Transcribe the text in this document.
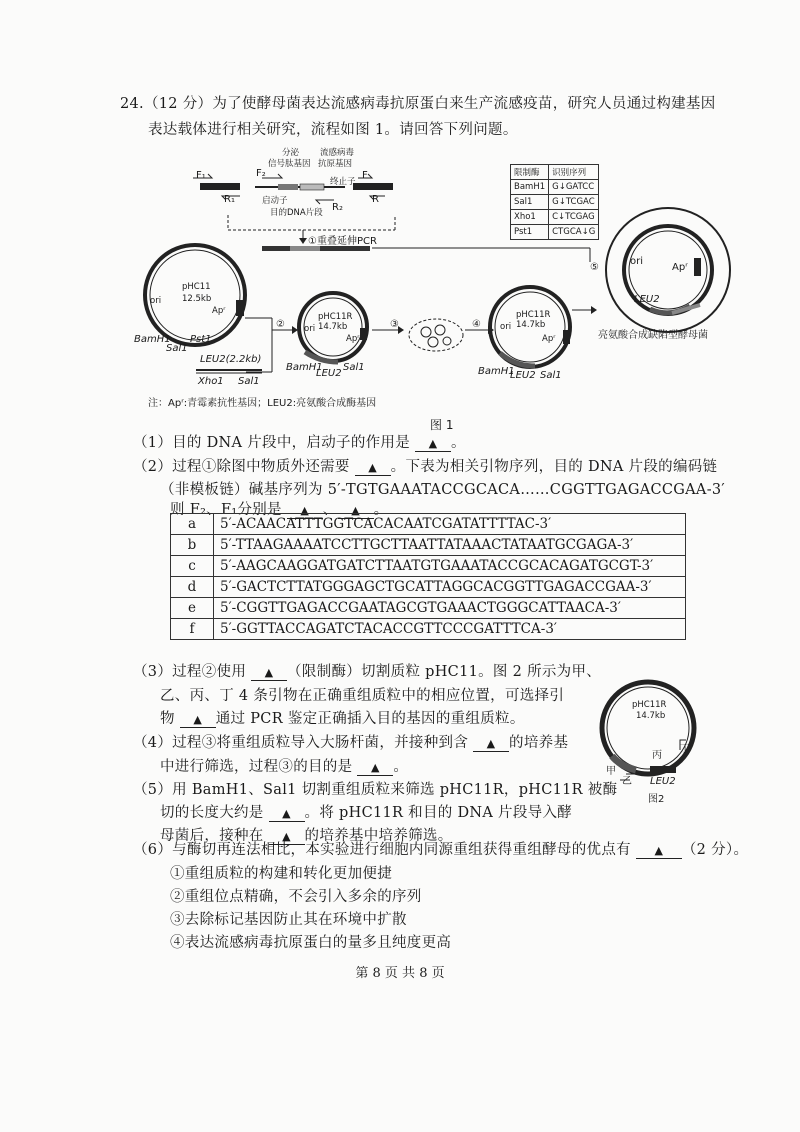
24.（12 分）为了使酵母菌表达流感病毒抗原蛋白来生产流感疫苗，研究人员通过构建基因
表达载体进行相关研究，流程如图 1。请回答下列问题。
F₁
R₁
F₂
R₂
F
R
分泌
信号肽基因
流感病毒
抗原基因
终止子
启动子
目的DNA片段
①重叠延伸PCR
限制酶	识别序列
BamH1	G↓GATCC
Sal1	G↓TCGAC
Xho1	C↓TCGAG
Pst1	CTGCA↓G
⑤
ori
Apʳ
LEU2
亮氨酸合成缺陷型酵母菌
pHC11
12.5kb
ori
Apʳ
BamH1
Sal1
Pst1
LEU2(2.2kb)
Xho1 Sal1
②
pHC11R
14.7kb
ori
Apʳ
BamH1
LEU2
Sal1
③	④
pHC11R
14.7kb
ori
Apʳ
BamH1
LEU2 Sal1
注：Apʳ:青霉素抗性基因；LEU2:亮氨酸合成酶基因
图 1
（1）目的 DNA 片段中，启动子的作用是 ▲ 。
（2）过程①除图中物质外还需要 ▲ 。下表为相关引物序列，目的 DNA 片段的编码链
（非模板链）碱基序列为 5′-TGTGAAATACCGCACA……CGGTTGAGACCGAA-3′
则 F₂、F₁分别是 ▲ 、 ▲ 。
a	5′-ACAACATTTGGTCACACAATCGATATTTTAC-3′
b	5′-TTAAGAAAATCCTTGCTTAATTATAAACTATAATGCGAGA-3′
c	5′-AAGCAAGGATGATCTTAATGTGAAATACCGCACAGATGCGT-3′
d	5′-GACTCTTATGGGAGCTGCATTAGGCACGGTTGAGACCGAA-3′
e	5′-CGGTTGAGACCGAATAGCGTGAAACTGGGCATTAACA-3′
f	5′-GGTTACCAGATCTACACCGTTCCCGATTTCA-3′
（3）过程②使用 ▲ （限制酶）切割质粒 pHC11。图 2 所示为甲、
乙、丙、丁 4 条引物在正确重组质粒中的相应位置，可选择引
物 ▲ 通过 PCR 鉴定正确插入目的基因的重组质粒。
（4）过程③将重组质粒导入大肠杆菌，并接种到含 ▲ 的培养基
中进行筛选，过程③的目的是 ▲ 。
（5）用 BamH1、Sal1 切割重组质粒来筛选 pHC11R，pHC11R 被酶
切的长度大约是 ▲ 。将 pHC11R 和目的 DNA 片段导入酵
母菌后，接种在 ▲ 的培养基中培养筛选。
pHC11R
14.7kb
丙
丁
甲
乙 LEU2
图2
（6）与酶切再连法相比，本实验进行细胞内同源重组获得重组酵母的优点有 ▲ （2 分）。
①重组质粒的构建和转化更加便捷
②重组位点精确，不会引入多余的序列
③去除标记基因防止其在环境中扩散
④表达流感病毒抗原蛋白的量多且纯度更高
第 8 页 共 8 页
